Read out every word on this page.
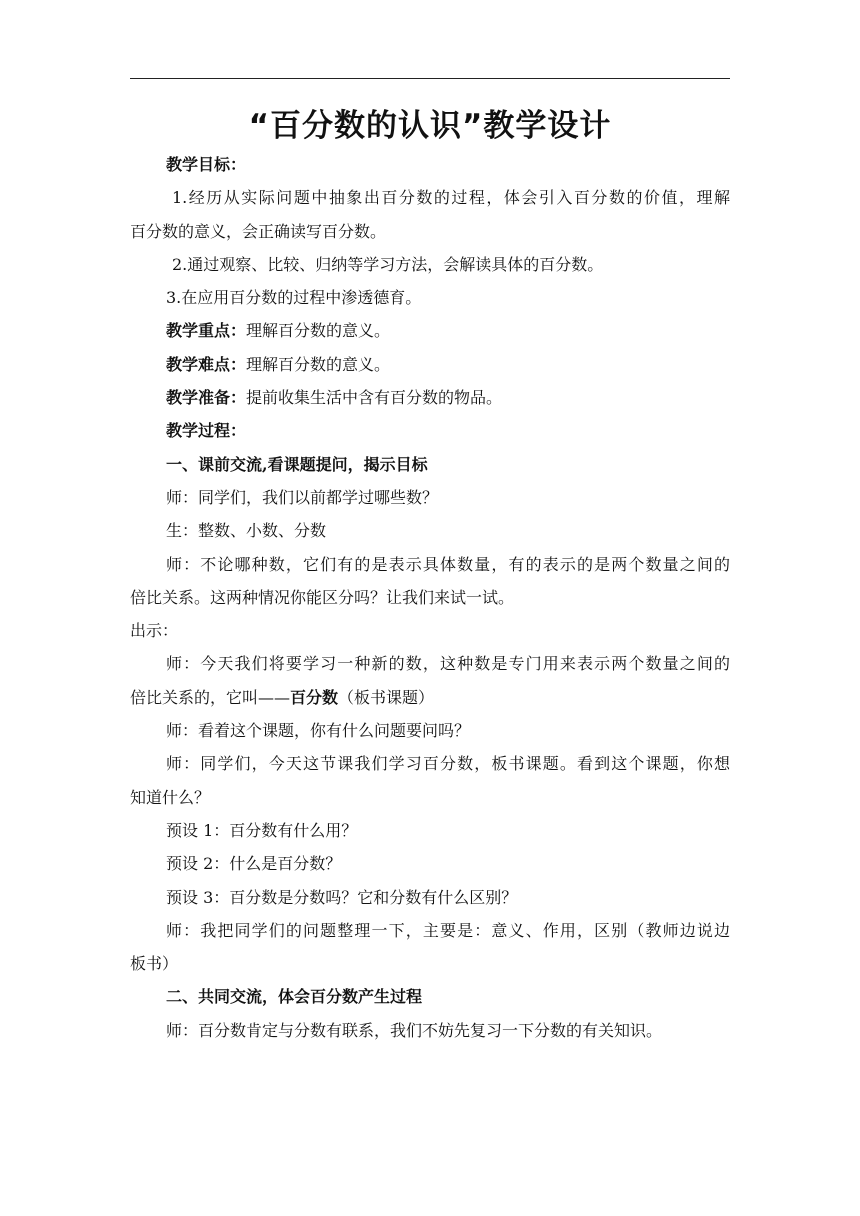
“百分数的认识”教学设计
教学目标：
1.经历从实际问题中抽象出百分数的过程，体会引入百分数的价值，理解
百分数的意义，会正确读写百分数。
2.通过观察、比较、归纳等学习方法，会解读具体的百分数。
3.在应用百分数的过程中渗透德育。
教学重点：理解百分数的意义。
教学难点：理解百分数的意义。
教学准备：提前收集生活中含有百分数的物品。
教学过程：
一、课前交流,看课题提问，揭示目标
师：同学们，我们以前都学过哪些数？
生：整数、小数、分数
师：不论哪种数，它们有的是表示具体数量，有的表示的是两个数量之间的
倍比关系。这两种情况你能区分吗？让我们来试一试。
出示：
师：今天我们将要学习一种新的数，这种数是专门用来表示两个数量之间的
倍比关系的，它叫——百分数（板书课题）
师：看着这个课题，你有什么问题要问吗？
师：同学们，今天这节课我们学习百分数，板书课题。看到这个课题，你想
知道什么？
预设 1：百分数有什么用？
预设 2：什么是百分数？
预设 3：百分数是分数吗？它和分数有什么区别？
师：我把同学们的问题整理一下，主要是：意义、作用，区别（教师边说边
板书）
二、共同交流，体会百分数产生过程
师：百分数肯定与分数有联系，我们不妨先复习一下分数的有关知识。
